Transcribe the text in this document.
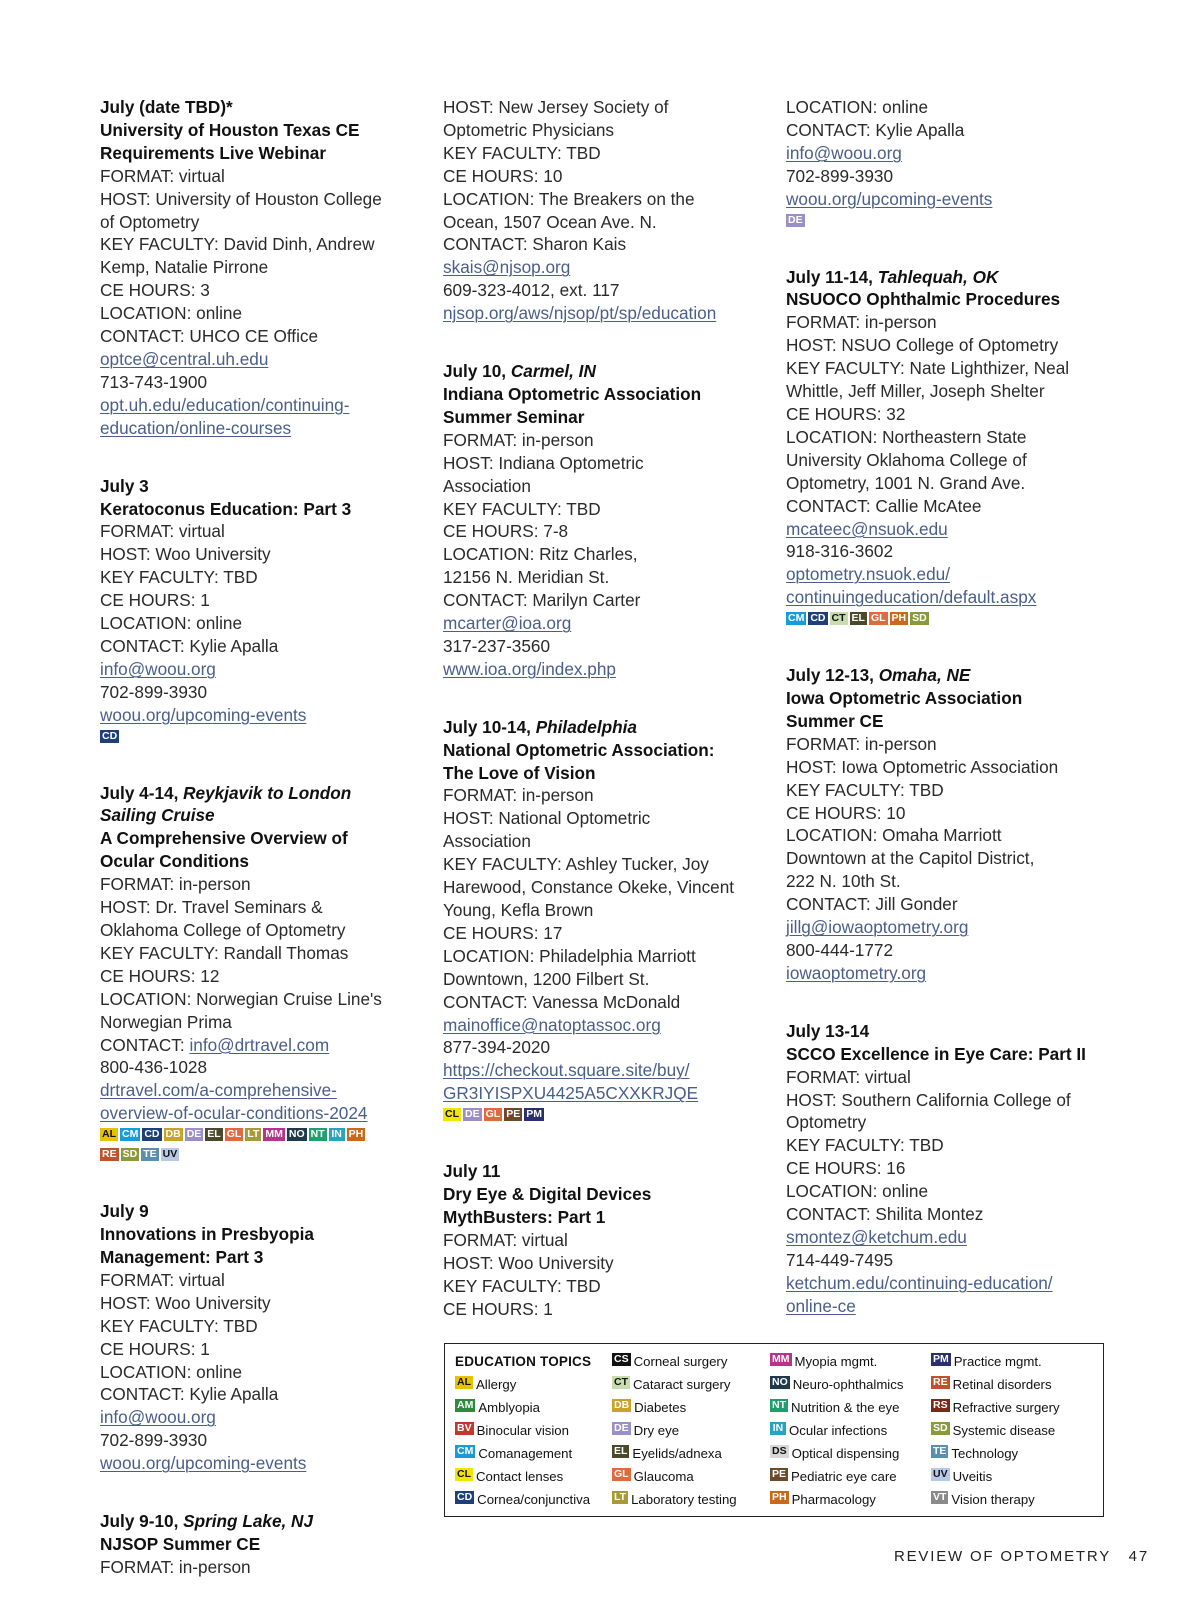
July (date TBD)*
University of Houston Texas CE
Requirements Live Webinar
FORMAT: virtual
HOST: University of Houston College
of Optometry
KEY FACULTY: David Dinh, Andrew
Kemp, Natalie Pirrone
CE HOURS: 3
LOCATION: online
CONTACT: UHCO CE Office
optce@central.uh.edu
713-743-1900
opt.uh.edu/education/continuing-
education/online-courses
July 3
Keratoconus Education: Part 3
FORMAT: virtual
HOST: Woo University
KEY FACULTY: TBD
CE HOURS: 1
LOCATION: online
CONTACT: Kylie Apalla
info@woou.org
702-899-3930
woou.org/upcoming-events
CD
July 4-14, Reykjavik to London
Sailing Cruise
A Comprehensive Overview of
Ocular Conditions
FORMAT: in-person
HOST: Dr. Travel Seminars &
Oklahoma College of Optometry
KEY FACULTY: Randall Thomas
CE HOURS: 12
LOCATION: Norwegian Cruise Line's
Norwegian Prima
CONTACT: info@drtravel.com
800-436-1028
drtravel.com/a-comprehensive-
overview-of-ocular-conditions-2024
AL CM CD DB DE EL GL LT MM NO NT IN PH
RE SD TE UV
July 9
Innovations in Presbyopia
Management: Part 3
FORMAT: virtual
HOST: Woo University
KEY FACULTY: TBD
CE HOURS: 1
LOCATION: online
CONTACT: Kylie Apalla
info@woou.org
702-899-3930
woou.org/upcoming-events
July 9-10, Spring Lake, NJ
NJSOP Summer CE
FORMAT: in-person
HOST: New Jersey Society of
Optometric Physicians
KEY FACULTY: TBD
CE HOURS: 10
LOCATION: The Breakers on the
Ocean, 1507 Ocean Ave. N.
CONTACT: Sharon Kais
skais@njsop.org
609-323-4012, ext. 117
njsop.org/aws/njsop/pt/sp/education
July 10, Carmel, IN
Indiana Optometric Association
Summer Seminar
FORMAT: in-person
HOST: Indiana Optometric
Association
KEY FACULTY: TBD
CE HOURS: 7-8
LOCATION: Ritz Charles,
12156 N. Meridian St.
CONTACT: Marilyn Carter
mcarter@ioa.org
317-237-3560
www.ioa.org/index.php
July 10-14, Philadelphia
National Optometric Association:
The Love of Vision
FORMAT: in-person
HOST: National Optometric
Association
KEY FACULTY: Ashley Tucker, Joy
Harewood, Constance Okeke, Vincent
Young, Kefla Brown
CE HOURS: 17
LOCATION: Philadelphia Marriott
Downtown, 1200 Filbert St.
CONTACT: Vanessa McDonald
mainoffice@natoptassoc.org
877-394-2020
https://checkout.square.site/buy/
GR3IYISPXU4425A5CXXKRJQE
CL DE GL PE PM
July 11
Dry Eye & Digital Devices
MythBusters: Part 1
FORMAT: virtual
HOST: Woo University
KEY FACULTY: TBD
CE HOURS: 1
LOCATION: online
CONTACT: Kylie Apalla
info@woou.org
702-899-3930
woou.org/upcoming-events
DE
July 11-14, Tahlequah, OK
NSUOCO Ophthalmic Procedures
FORMAT: in-person
HOST: NSUO College of Optometry
KEY FACULTY: Nate Lighthizer, Neal
Whittle, Jeff Miller, Joseph Shelter
CE HOURS: 32
LOCATION: Northeastern State
University Oklahoma College of
Optometry, 1001 N. Grand Ave.
CONTACT: Callie McAtee
mcateec@nsuok.edu
918-316-3602
optometry.nsuok.edu/
continuingeducation/default.aspx
CM CD CT EL GL PH SD
July 12-13, Omaha, NE
Iowa Optometric Association
Summer CE
FORMAT: in-person
HOST: Iowa Optometric Association
KEY FACULTY: TBD
CE HOURS: 10
LOCATION: Omaha Marriott
Downtown at the Capitol District,
222 N. 10th St.
CONTACT: Jill Gonder
jillg@iowaoptometry.org
800-444-1772
iowaoptometry.org
July 13-14
SCCO Excellence in Eye Care: Part II
FORMAT: virtual
HOST: Southern California College of
Optometry
KEY FACULTY: TBD
CE HOURS: 16
LOCATION: online
CONTACT: Shilita Montez
smontez@ketchum.edu
714-449-7495
ketchum.edu/continuing-education/
online-ce
EDUCATION TOPICS
AL Allergy
AM Amblyopia
BV Binocular vision
CM Comanagement
CL Contact lenses
CD Cornea/conjunctiva
CS Corneal surgery
CT Cataract surgery
DB Diabetes
DE Dry eye
EL Eyelids/adnexa
GL Glaucoma
LT Laboratory testing
MM Myopia mgmt.
NO Neuro-ophthalmics
NT Nutrition & the eye
IN Ocular infections
DS Optical dispensing
PE Pediatric eye care
PH Pharmacology
PM Practice mgmt.
RE Retinal disorders
RS Refractive surgery
SD Systemic disease
TE Technology
UV Uveitis
VT Vision therapy
REVIEW OF OPTOMETRY 47
